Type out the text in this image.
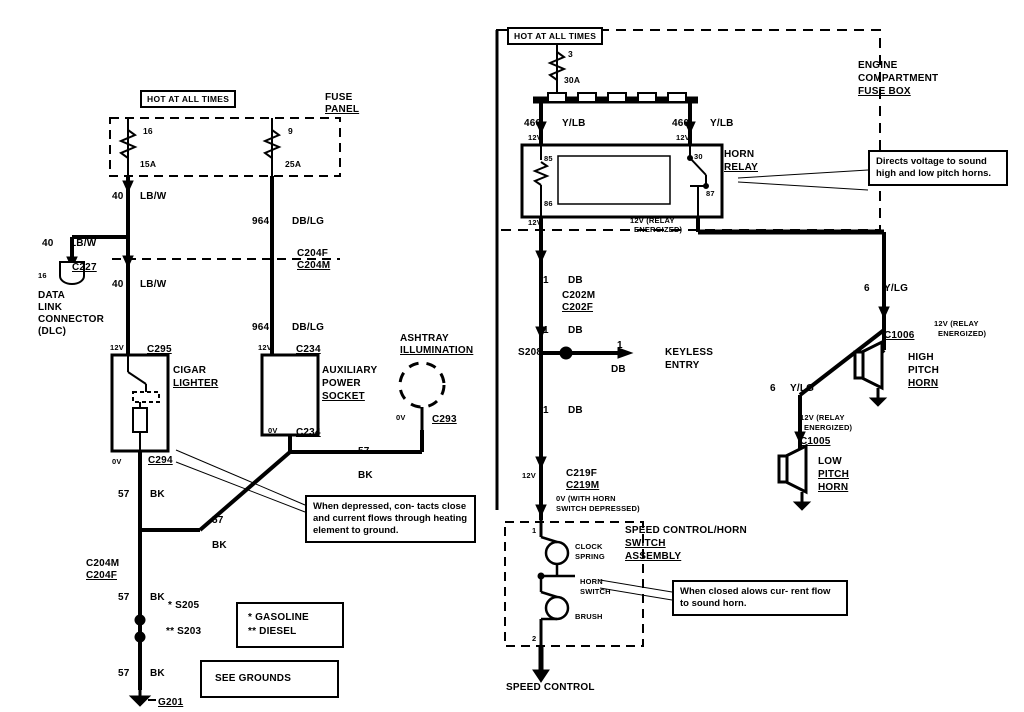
HOT AT ALL TIMES	FUSE
PANEL
16
15A
9
25A
40 LB/W
964 DB/LG
40 LB/W
40 LB/W
C204F
C204M
964 DB/LG
16
C227
DATA
LINK
CONNECTOR
(DLC)
12V C295
CIGAR
LIGHTER
12V C234
AUXILIARY
POWER
SOCKET
ASHTRAY
ILLUMINATION
0V	C293
0V C234
57
BK
0V	C294
57 BK
57
BK
C204M
C204F
57 BK
* S205
** S203
57 BK
G201
When depressed, con- tacts close and current flows through heating element to ground.
* GASOLINE
** DIESEL
SEE GROUNDS
HOT AT ALL TIMES
3
30A
ENGINE
COMPARTMENT
FUSE BOX
460 Y/LB	460 Y/LB
12V	12V
HORN
RELAY
85
86
30
87
12V	12V (RELAY
ENERGIZED)
Directs voltage to sound high and low pitch horns.
1 DB
C202M
C202F
1 DB
S208
1
DB
KEYLESS
ENTRY
1 DB
6 Y/LG
C1006
12V (RELAY
ENERGIZED)
HIGH
PITCH
HORN
6 Y/LG
12V (RELAY
ENERGIZED)
C1005
LOW
PITCH
HORN
12V	C219F
C219M
0V (WITH HORN
SWITCH DEPRESSED)
SPEED CONTROL/HORN
SWITCH
ASSEMBLY
CLOCK
SPRING
HORN
SWITCH
BRUSH
1
2
When closed alows cur- rent flow to sound horn.
SPEED CONTROL
